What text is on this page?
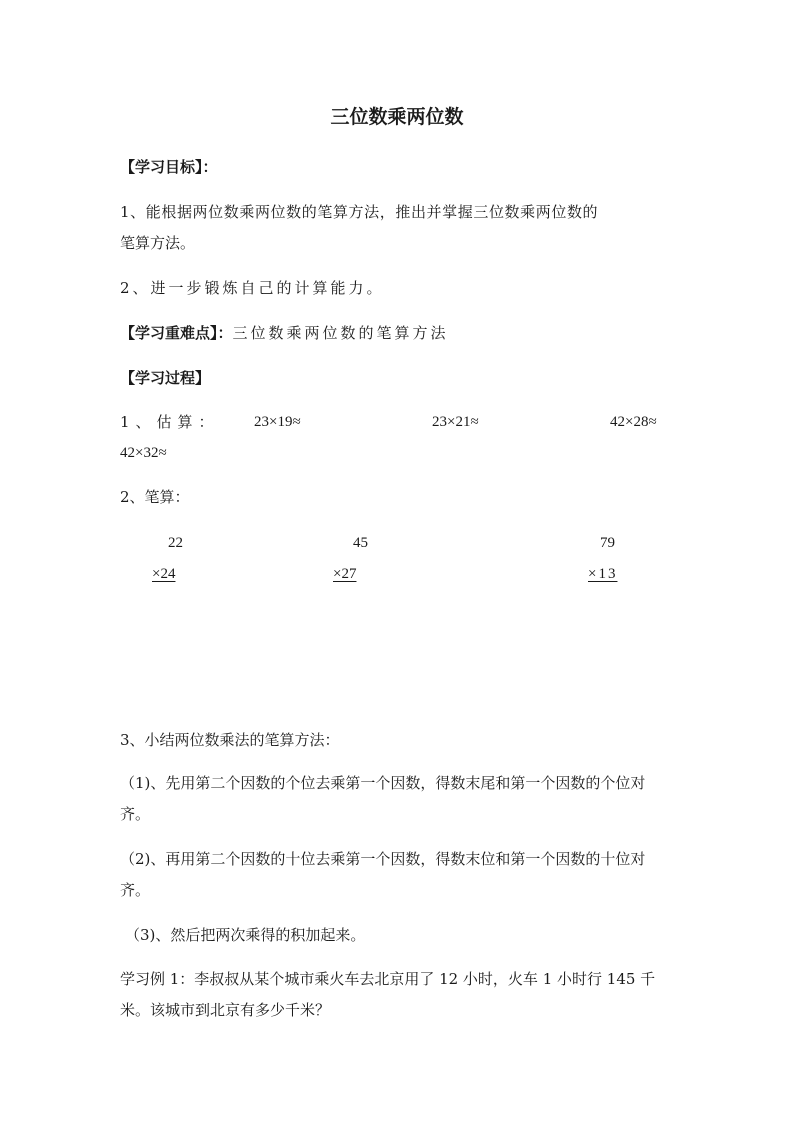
三位数乘两位数
【学习目标】：
1、能根据两位数乘两位数的笔算方法，推出并掌握三位数乘两位数的
笔算方法。
2、进一步锻炼自己的计算能力。
【学习重难点】：三位数乘两位数的笔算方法
【学习过程】
1、估算： 23×19≈	23×21≈	42×28≈
42×32≈
2、笔算：
22
×24
45
×27
79
×13
3、小结两位数乘法的笔算方法：
（1)、先用第二个因数的个位去乘第一个因数，得数末尾和第一个因数的个位对
齐。
（2)、再用第二个因数的十位去乘第一个因数，得数末位和第一个因数的十位对
齐。
（3)、然后把两次乘得的积加起来。
学习例 1：李叔叔从某个城市乘火车去北京用了 12 小时，火车 1 小时行 145 千
米。该城市到北京有多少千米？
